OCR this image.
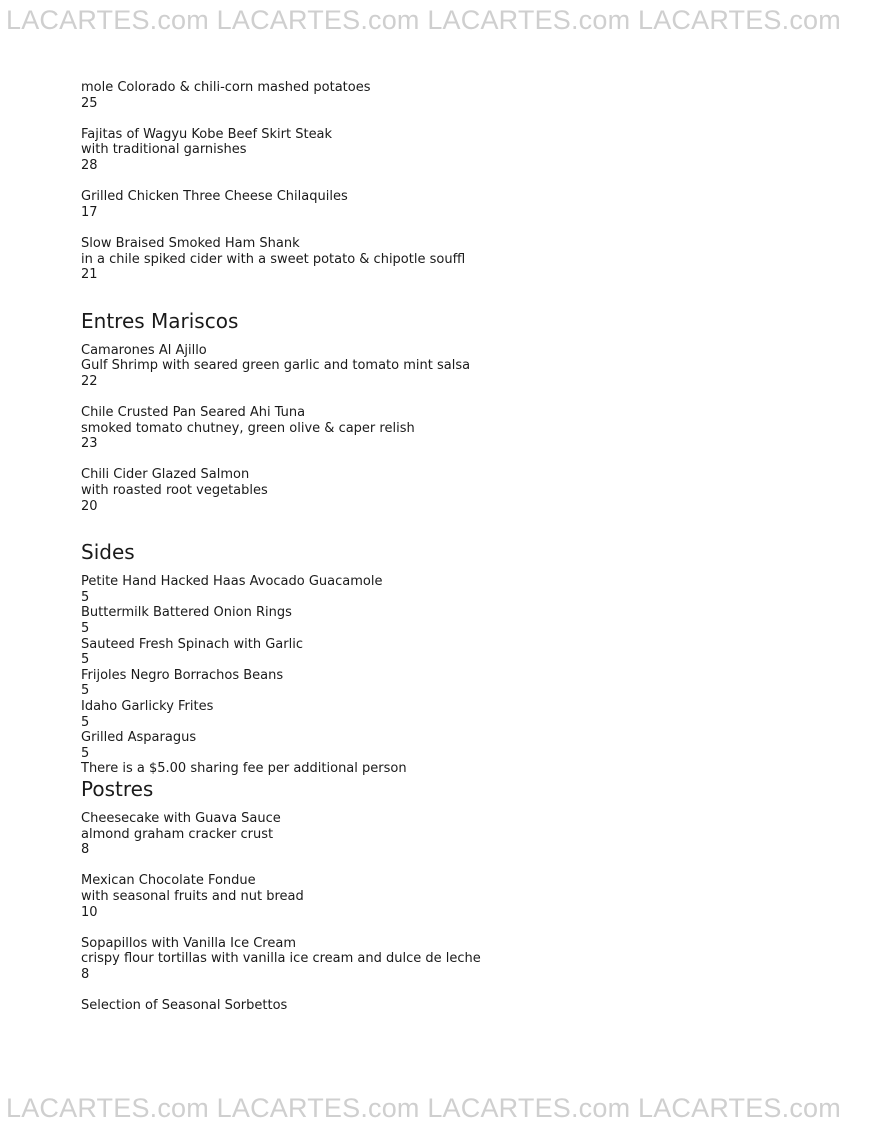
LACARTES.com LACARTES.com LACARTES.com LACARTES.com

mole Colorado & chili-corn mashed potatoes

25

Fajitas of Wagyu Kobe Beef Skirt Steak

with traditional garnishes

28

Grilled Chicken Three Cheese Chilaquiles

17

Slow Braised Smoked Ham Shank

in a chile spiked cider with a sweet potato & chipotle souffl

21

Entres Mariscos

Camarones Al Ajillo

Gulf Shrimp with seared green garlic and tomato mint salsa

22

Chile Crusted Pan Seared Ahi Tuna

smoked tomato chutney, green olive & caper relish

23

Chili Cider Glazed Salmon

with roasted root vegetables

20

Sides

Petite Hand Hacked Haas Avocado Guacamole

5

Buttermilk Battered Onion Rings

5

Sauteed Fresh Spinach with Garlic

5

Frijoles Negro Borrachos Beans

5

Idaho Garlicky Frites

5

Grilled Asparagus

5

There is a $5.00 sharing fee per additional person

Postres

Cheesecake with Guava Sauce

almond graham cracker crust

8

Mexican Chocolate Fondue

with seasonal fruits and nut bread

10

Sopapillos with Vanilla Ice Cream

crispy flour tortillas with vanilla ice cream and dulce de leche

8

Selection of Seasonal Sorbettos

LACARTES.com LACARTES.com LACARTES.com LACARTES.com
